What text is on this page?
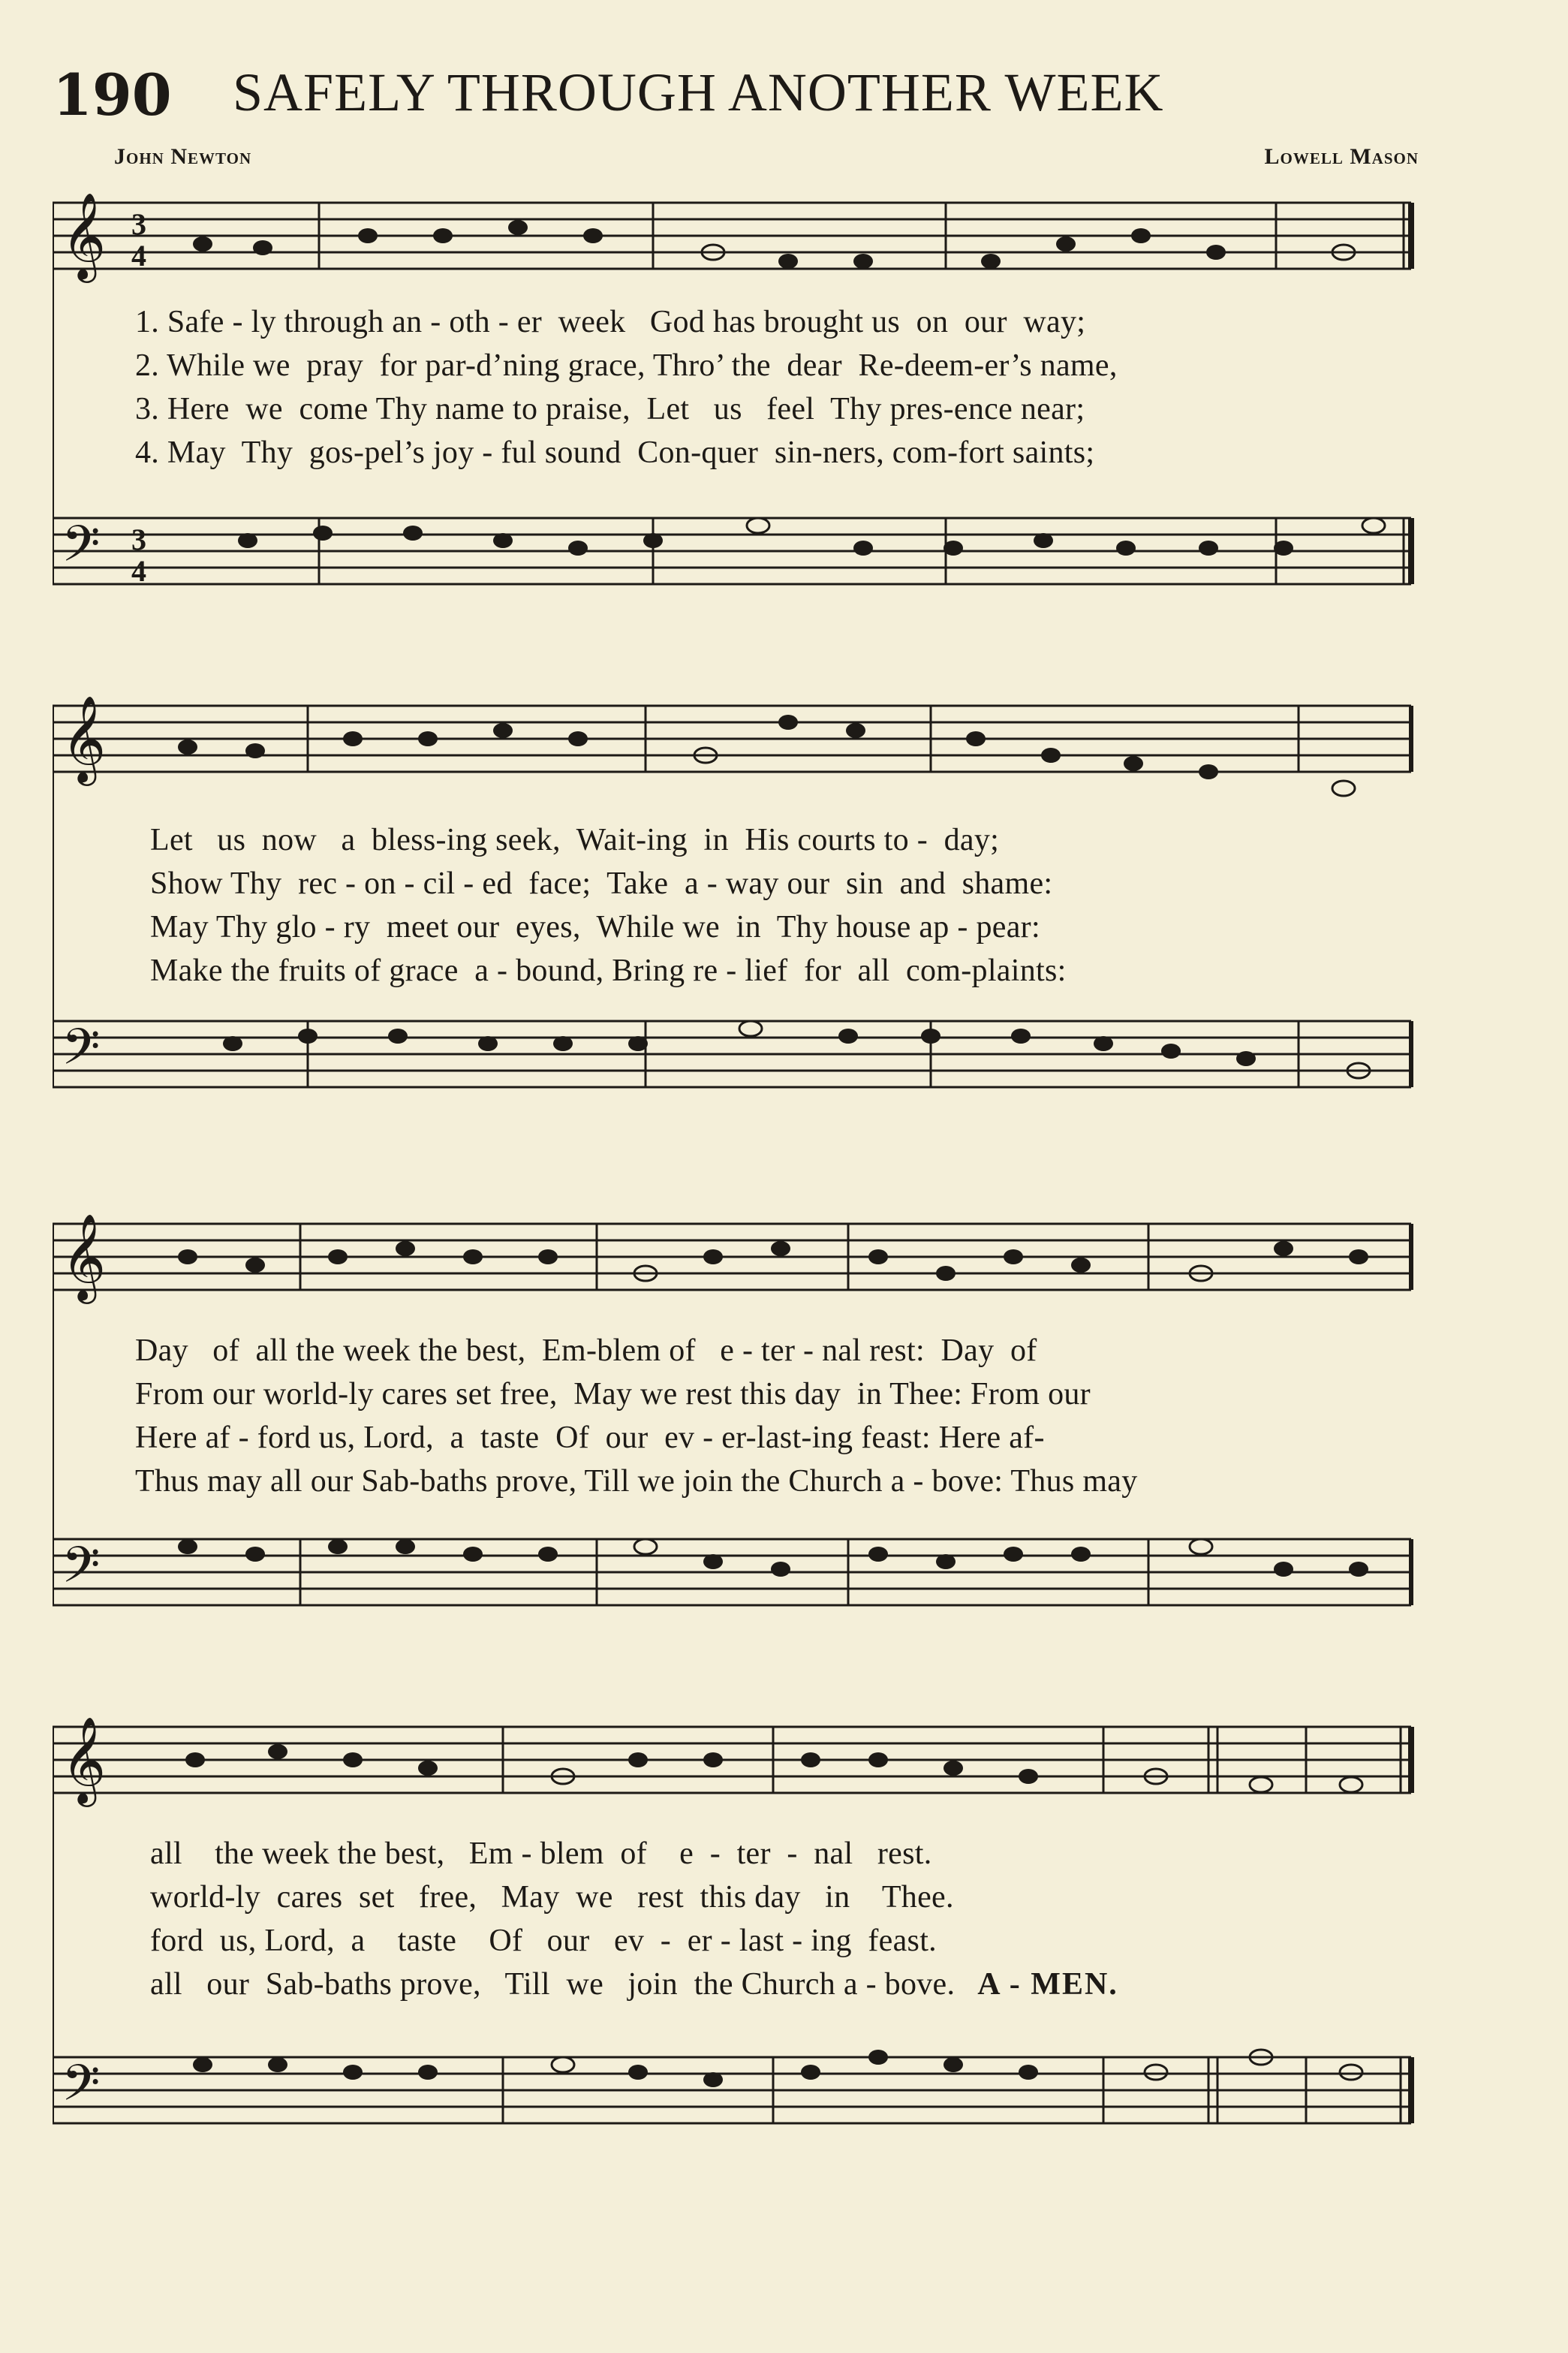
190 SAFELY THROUGH ANOTHER WEEK
John Newton	Lowell Mason
𝄞 3
4
𝄢 3
4
1. Safe - ly through an - oth - er  week   God has brought us  on  our  way;
2. While we  pray  for par-d’ning grace, Thro’ the  dear  Re-deem-er’s name,
3. Here  we  come Thy name to praise,  Let   us   feel  Thy pres-ence near;
4. May  Thy  gos-pel’s joy - ful sound  Con-quer  sin-ners, com-fort saints;
𝄞
𝄢
Let   us  now   a  bless-ing seek,  Wait-ing  in  His courts to -  day;
Show Thy  rec - on - cil - ed  face;  Take  a - way our  sin  and  shame:
May Thy glo - ry  meet our  eyes,  While we  in  Thy house ap - pear:
Make the fruits of grace  a - bound, Bring re - lief  for  all  com-plaints:
𝄞
𝄢
Day   of  all the week the best,  Em-blem of   e - ter - nal rest:  Day  of
From our world-ly cares set free,  May we rest this day  in Thee: From our
Here af - ford us, Lord,  a  taste  Of  our  ev - er-last-ing feast: Here af-
Thus may all our Sab-baths prove, Till we join the Church a - bove: Thus may
𝄞
𝄢
all    the week the best,   Em - blem  of    e  -  ter  -  nal   rest.
world-ly  cares  set   free,   May  we   rest  this day   in    Thee.
ford  us, Lord,  a    taste    Of   our   ev  -  er - last - ing  feast.
all   our  Sab-baths prove,   Till  we   join  the Church a - bove. A - MEN.
